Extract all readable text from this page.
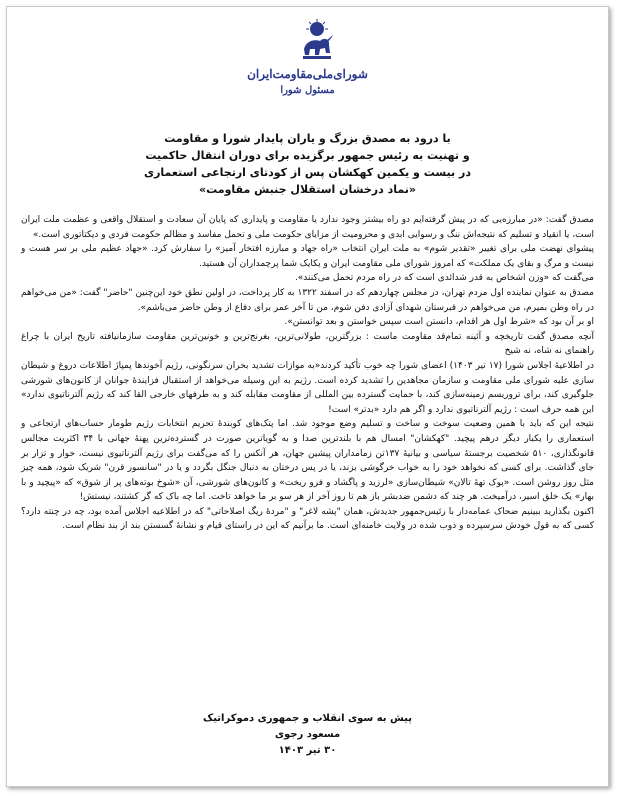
شورای‌ملی‌مقاومت‌ایران
مسئول شورا
با درود به مصدق بزرگ و یاران پایدار شورا و مقاومت
و تهنیت به رئیس جمهور برگزیده برای دوران انتقال حاکمیت
در بیست و یکمین کهکشان پس از کودتای ارتجاعی استعماری
«نماد درخشان استقلال جنبش مقاومت»

مصدق گفت: «در مبارزه‌یی که در پیش گرفته‌ایم دو راه بیشتر وجود ندارد یا مقاومت و پایداری که پایان آن سعادت و استقلال واقعی و عظمت ملت ایران است، یا انقیاد و تسلیم که نتیجه‌اش ننگ و رسوایی ابدی و محرومیت از مزایای حکومت ملی و تحمل مفاسد و مظالم حکومت فردی و دیکتاتوری است.»

پیشوای نهضت ملی برای تغییر «تقدیر شوم» به ملت ایران انتخاب «راه جهاد و مبارزه افتخار آمیز» را سفارش کرد. «جهاد عظیم ملی بر سر هست و نیست و مرگ و بقای یک مملکت» که امروز شورای ملی مقاومت ایران و یکایک شما پرچمداران آن هستید.

می‌گفت که «وزن اشخاص به قدر شدائدی است که در راه مردم تحمل می‌کنند».

مصدق به عنوان نماینده اول مردم تهران، در مجلس چهاردهم که در اسفند ۱۳۲۲ به کار پرداخت، در اولین نطق خود این‌چنین "حاضر" گفت: «من می‌خواهم در راه وطن بمیرم، من می‌خواهم در قبرستان شهدای آزادی دفن شوم، من تا آخر عمر برای دفاع از وطن حاضر می‌باشم».

او بر آن بود که «شرط اول هر اقدام، دانستن است سپس خواستن و بعد توانستن».

آنچه مصدق گفت تاریخچه و آئینه تمام‌قد مقاومت ماست : بزرگترین، طولانی‌ترین، بغرنج‌ترین و خونین‌ترین مقاومت سازمانیافته تاریخ ایران با چراغ راهنمای نه شاه، نه شیخ

در اطلاعیۀ اجلاس شورا (۱۷ تیر ۱۴۰۳) اعضای شورا چه خوب تأکید کردند«به موازات تشدید بحران سرنگونی، رژیم آخوندها پمپاژ اطلاعات دروغ و شیطان سازی علیه شورای ملی مقاومت و سازمان مجاهدین را تشدید کرده است. رژیم به این وسیله می‌خواهد از استقبال فزایندۀ جوانان از کانون‌های شورشی جلوگیری کند، برای تروریسم زمینه‌سازی کند، با حمایت گسترده بین المللی از مقاومت مقابله کند و به طرفهای خارجی القا کند که رژیم آلترناتیوی ندارد» این همه حرف است : رژیم آلترناتیوی ندارد و اگر هم دارد «بدتر» است!

نتیجه این که باید با همین وضعیت سوخت و ساخت و تسلیم وضع موجود شد. اما پتک‌های کوبندۀ تحریم انتخابات رژیم طومار حساب‌های ارتجاعی و استعماری را یکبار دیگر درهم پیچید. "کهکشان" امسال هم با بلندترین صدا و به گویاترین صورت در گسترده‌ترین پهنۀ جهانی با ۳۴ اکثریت مجالس قانونگذاری، ۵۱۰ شخصیت برجستۀ سیاسی و بیانیۀ ۱۳۷تن زمامداران پیشین جهان، هر آنکس را که می‌گفت برای رژیم آلترناتیوی نیست، خوار و تزار بر جای گذاشت. برای کسی که نخواهد خود را به خواب خرگوشی بزند، یا در پس درختان به دنبال جنگل بگردد و یا در "سانسور قرن" شریک شود، همه چیز مثل روز روشن است. «پوک تهۀ تالان» شیطان‌سازی «لرزید و پاگشاد و فرو ریخت» و کانون‌های شورشی، آن «شوخ بوته‌های پر از شوق» که «پیچید و با بهار» یک خلق اسیر، درآمیخت. هر چند که دشمن ضدبشر باز هم تا روز آخر از هر سو بر ما خواهد تاخت. اما چه باک که گر کشتند، نیستش!

اکنون بگذارید ببینیم ضحاک عمامه‌دار با رئیس‌جمهور جدیدش، همان "پشه لاغر" و "مردهٔ ریگ اصلاحاتی" که در اطلاعیه اجلاس آمده بود، چه در چنته دارد؟ کسی که به قول خودش سرسپرده و ذوب شده در ولایت خامنه‌ای است. ما برآنیم که این در راستای قیام و نشانۀ گسستن بند از بند نظام است.

پیش به سوی انقلاب و جمهوری دموکراتیک
مسعود رجوی
۳۰ تیر ۱۴۰۳
